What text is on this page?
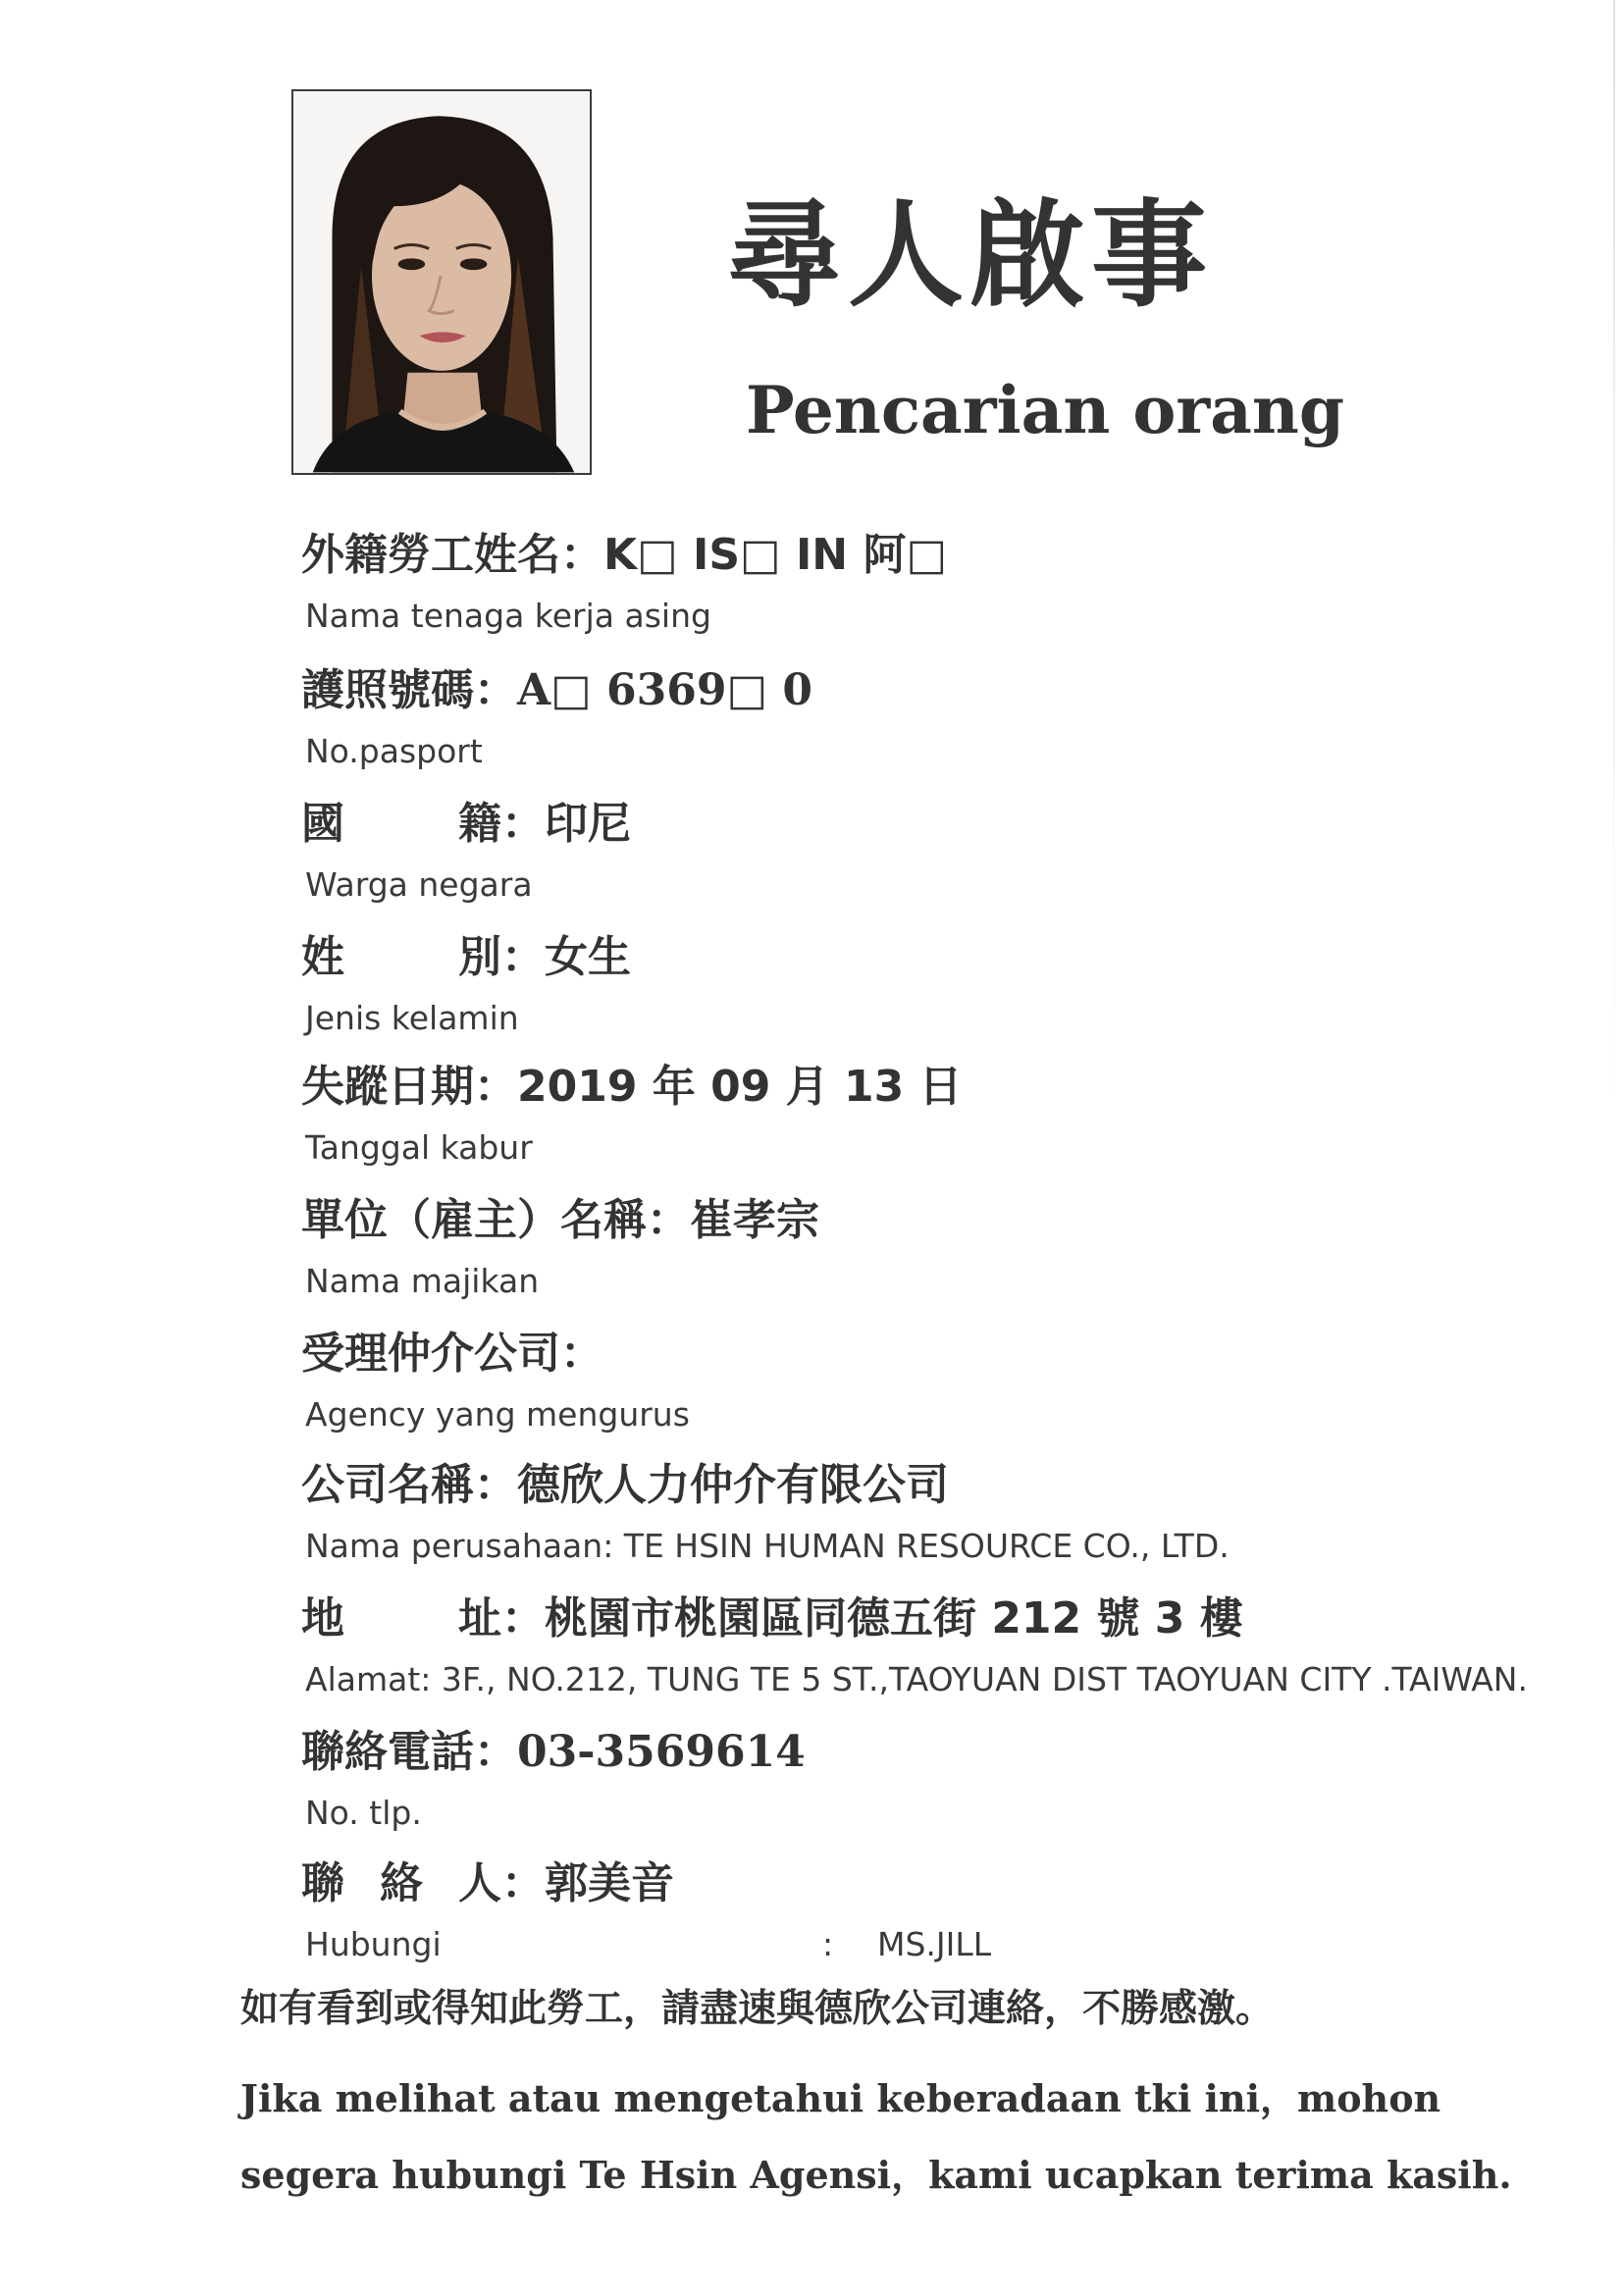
尋人啟事
Pencarian orang
外籍勞工姓名：K□ IS□ IN 阿□
Nama tenaga kerja asing
護照號碼：A□ 6369□ 0
No.pasport
國	籍 ：印尼
Warga negara
姓	別 ：女生
Jenis kelamin
失蹤日期：2019 年 09 月 13 日
Tanggal kabur
單位（雇主）名稱：崔孝宗
Nama majikan
受理仲介公司：
Agency yang mengurus
公司名稱：德欣人力仲介有限公司
Nama perusahaan: TE HSIN HUMAN RESOURCE CO., LTD.
地	址 ：桃園市桃園區同德五街 212 號 3 樓
Alamat: 3F., NO.212, TUNG TE 5 ST.,TAOYUAN DIST TAOYUAN CITY .TAIWAN.
聯絡電話：03-3569614
No. tlp.
聯 絡 人 ：郭美音
Hubungi	: MS.JILL
如有看到或得知此勞工，請盡速與德欣公司連絡，不勝感激。
Jika melihat atau mengetahui keberadaan tki ini，mohon segera hubungi Te Hsin Agensi，kami ucapkan terima kasih.
